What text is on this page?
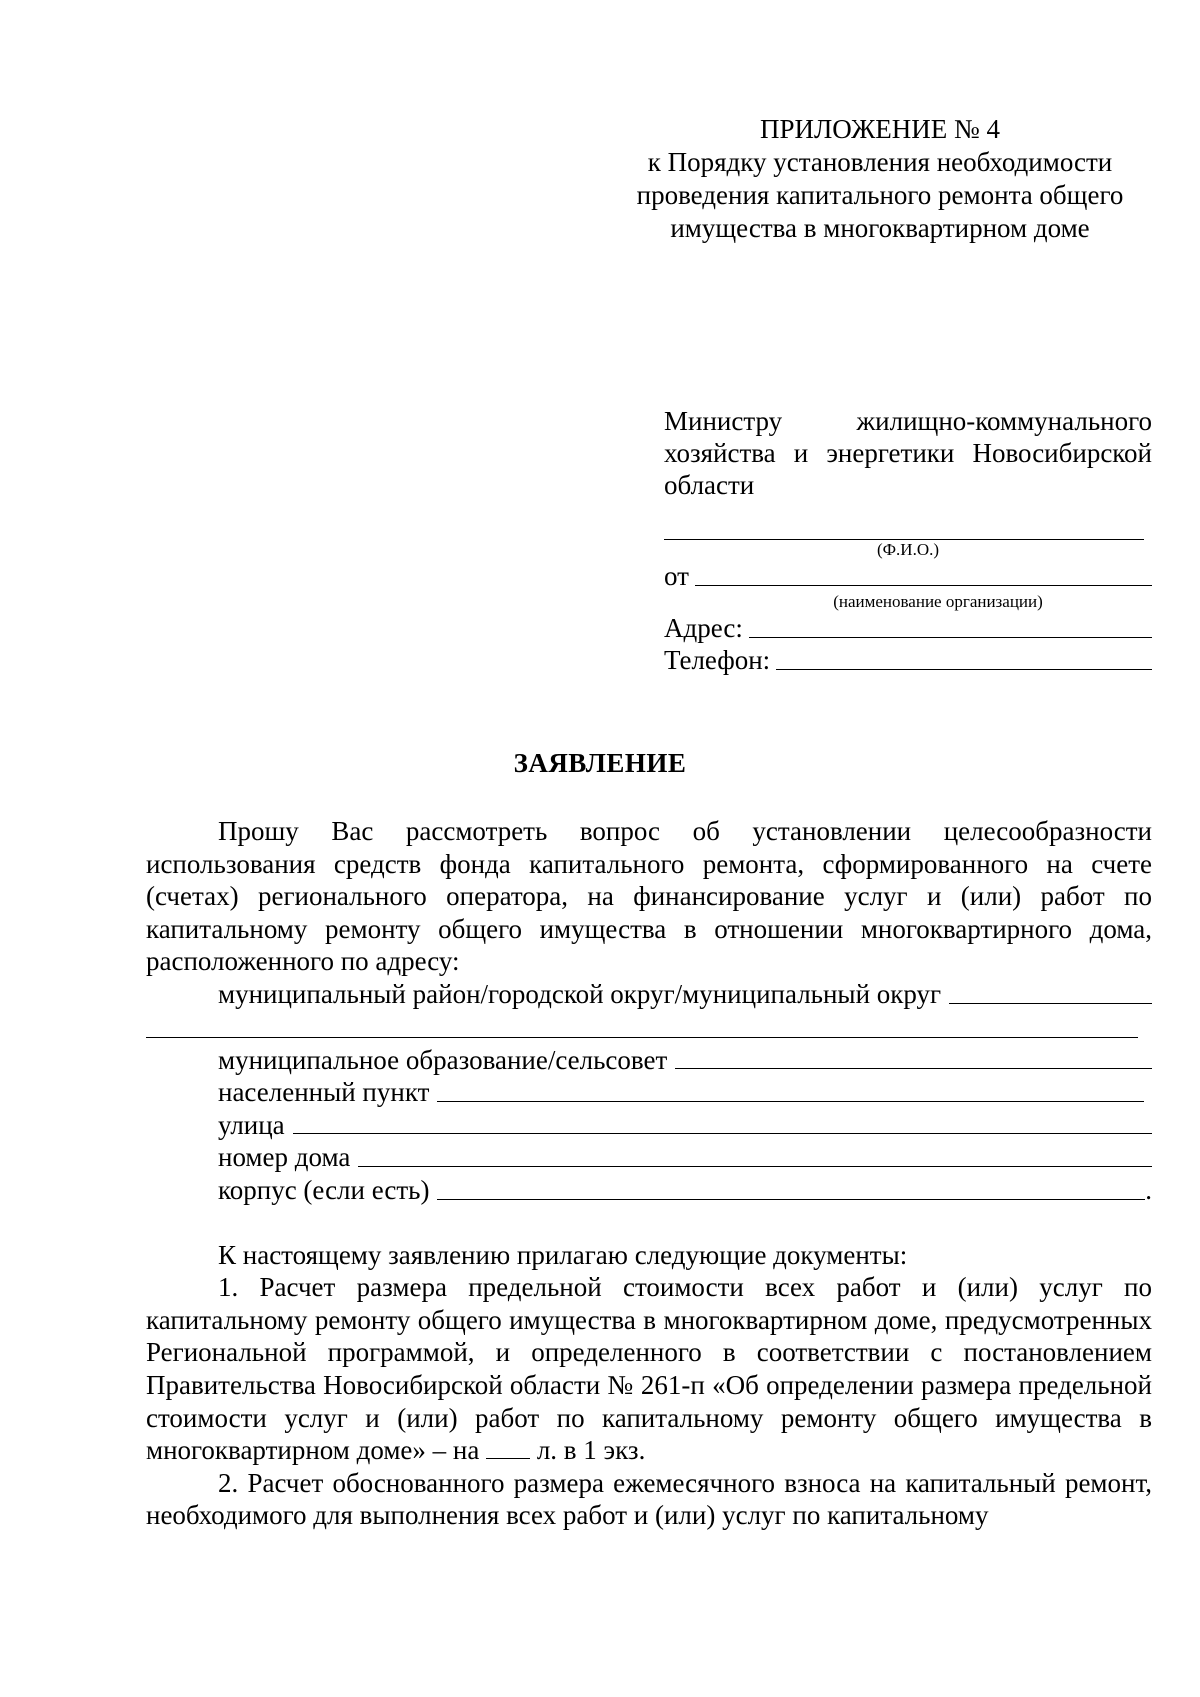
ПРИЛОЖЕНИЕ № 4
к Порядку установления необходимости
проведения капитального ремонта общего
имущества в многоквартирном доме

Министру жилищно-коммунального хозяйства и энергетики Новосибирской области

(Ф.И.О.)
от
(наименование организации)
Адрес:
Телефон:
ЗАЯВЛЕНИЕ

Прошу Вас рассмотреть вопрос об установлении целесообразности использования средств фонда капитального ремонта, сформированного на счете (счетах) регионального оператора, на финансирование услуг и (или) работ по капитальному ремонту общего имущества в отношении многоквартирного дома, расположенного по адресу:

муниципальный район/городской округ/муниципальный округ
муниципальное образование/сельсовет
населенный пункт
улица
номер дома
корпус (если есть)	.
К настоящему заявлению прилагаю следующие документы:

1. Расчет размера предельной стоимости всех работ и (или) услуг по капитальному ремонту общего имущества в многоквартирном доме, предусмотренных Региональной программой, и определенного в соответствии с постановлением Правительства Новосибирской области № 261-п «Об определении размера предельной стоимости услуг и (или) работ по капитальному ремонту общего имущества в многоквартирном доме» – на л. в 1 экз.

2. Расчет обоснованного размера ежемесячного взноса на капитальный ремонт, необходимого для выполнения всех работ и (или) услуг по капитальному
